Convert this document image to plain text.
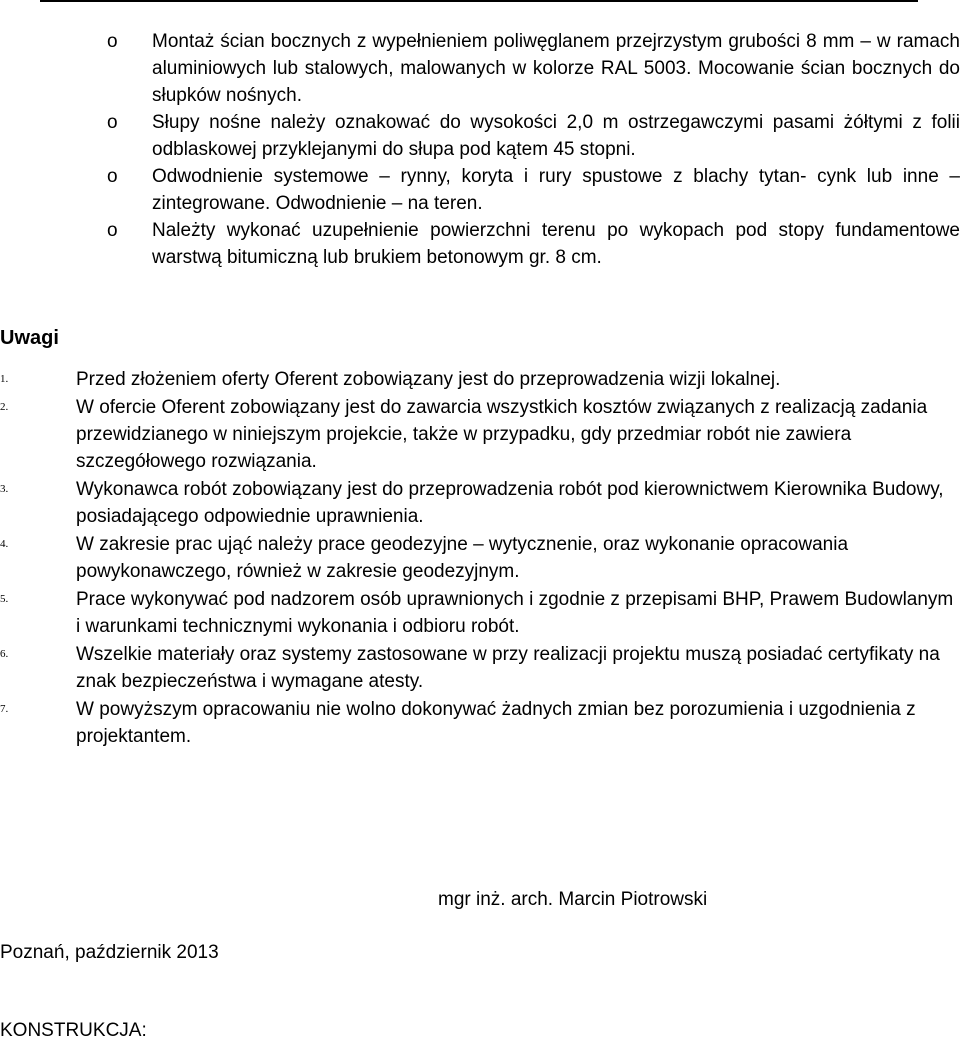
o Montaż ścian bocznych z wypełnieniem poliwęglanem przejrzystym grubości 8 mm – w ramach aluminiowych lub stalowych, malowanych w kolorze RAL 5003. Mocowanie ścian bocznych do słupków nośnych.
o Słupy nośne należy oznakować do wysokości 2,0 m ostrzegawczymi pasami żółtymi z folii odblaskowej przyklejanymi do słupa pod kątem 45 stopni.
o Odwodnienie systemowe – rynny, koryta i rury spustowe z blachy tytan- cynk lub inne – zintegrowane. Odwodnienie – na teren.
o Należty wykonać uzupełnienie powierzchni terenu po wykopach pod stopy fundamentowe warstwą bitumiczną lub brukiem betonowym gr. 8 cm.
Uwagi
1.	Przed złożeniem oferty Oferent zobowiązany jest do przeprowadzenia wizji lokalnej.
2.	W ofercie Oferent zobowiązany jest do zawarcia wszystkich kosztów związanych z realizacją zadania przewidzianego w niniejszym projekcie, także w przypadku, gdy przedmiar robót nie zawiera szczegółowego rozwiązania.
3.	Wykonawca robót zobowiązany jest do przeprowadzenia robót pod kierownictwem Kierownika Budowy, posiadającego odpowiednie uprawnienia.
4.	W zakresie prac ująć należy prace geodezyjne – wytycznenie, oraz wykonanie opracowania powykonawczego, również w zakresie geodezyjnym.
5.	Prace wykonywać pod nadzorem osób uprawnionych i zgodnie z przepisami BHP, Prawem Budowlanym i warunkami technicznymi wykonania i odbioru robót.
6.	Wszelkie materiały oraz systemy zastosowane w przy realizacji projektu muszą posiadać certyfikaty na znak bezpieczeństwa i wymagane atesty.
7.	W powyższym opracowaniu nie wolno dokonywać żadnych zmian bez porozumienia i uzgodnienia z projektantem.
mgr inż. arch. Marcin Piotrowski
Poznań, październik 2013
KONSTRUKCJA:
